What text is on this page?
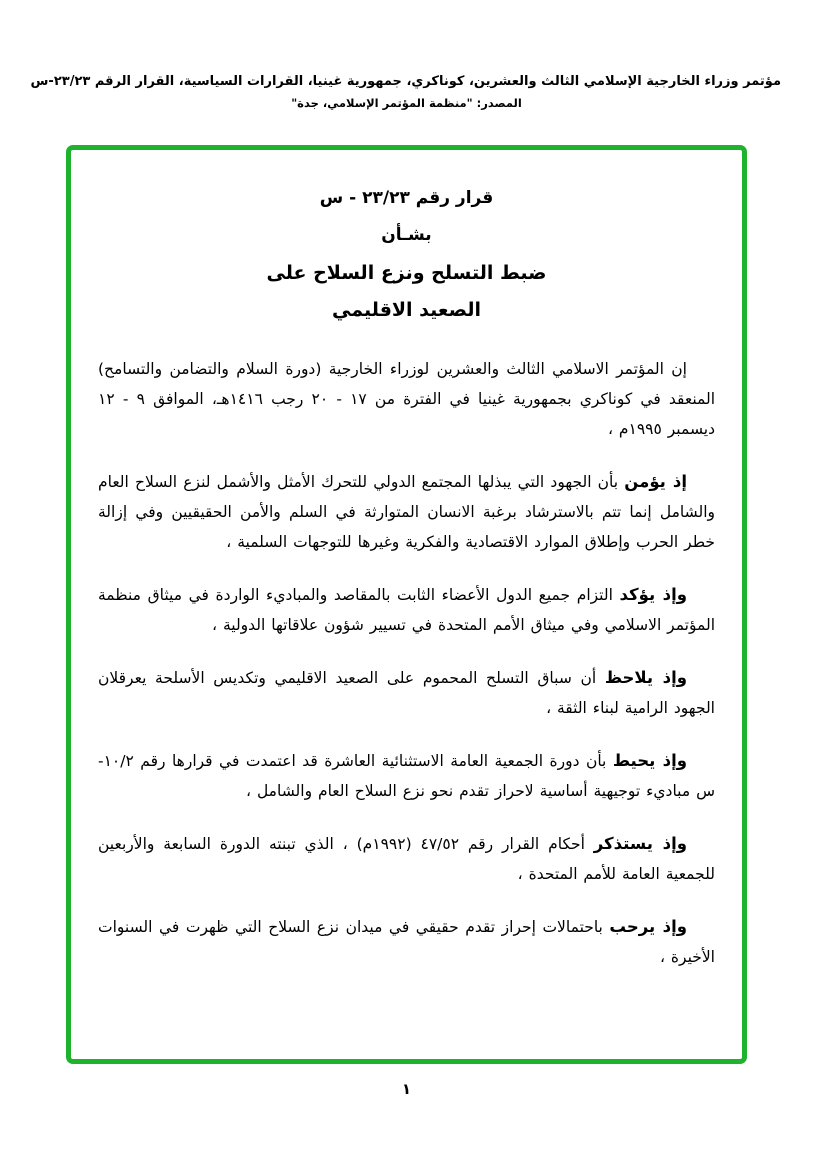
مؤتمر وزراء الخارجية الإسلامي الثالث والعشرين، كوناكري، جمهورية غينيا، القرارات السياسية، القرار الرقم ٢٣/٢٣-س
المصدر: "منظمة المؤتمر الإسلامي، جدة"
قرار رقم ٢٣/٢٣ - س
بشـأن
ضبط التسلح ونزع السلاح على
الصعيد الاقليمي

إن المؤتمر الاسلامي الثالث والعشرين لوزراء الخارجية (دورة السلام والتضامن والتسامح) المنعقد في كوناكري بجمهورية غينيا في الفترة من ١٧ - ٢٠ رجب ١٤١٦هـ، الموافق ٩ - ١٢ ديسمبر ١٩٩٥م ،

إذ يؤمن بأن الجهود التي يبذلها المجتمع الدولي للتحرك الأمثل والأشمل لنزع السلاح العام والشامل إنما تتم بالاسترشاد برغبة الانسان المتوارثة في السلم والأمن الحقيقيين وفي إزالة خطر الحرب وإطلاق الموارد الاقتصادية والفكرية وغيرها للتوجهات السلمية ،

وإذ يؤكد التزام جميع الدول الأعضاء الثابت بالمقاصد والمباديء الواردة في ميثاق منظمة المؤتمر الاسلامي وفي ميثاق الأمم المتحدة في تسيير شؤون علاقاتها الدولية ،

وإذ يلاحظ أن سباق التسلح المحموم على الصعيد الاقليمي وتكديس الأسلحة يعرقلان الجهود الرامية لبناء الثقة ،

وإذ يحيط بأن دورة الجمعية العامة الاستثنائية العاشرة قد اعتمدت في قرارها رقم ١٠/٢-س مباديء توجيهية أساسية لاحراز تقدم نحو نزع السلاح العام والشامل ،

وإذ يستذكر أحكام القرار رقم ٤٧/٥٢ (١٩٩٢م) ، الذي تبنته الدورة السابعة والأربعين للجمعية العامة للأمم المتحدة ،

وإذ يرحب باحتمالات إحراز تقدم حقيقي في ميدان نزع السلاح التي ظهرت في السنوات الأخيرة ،

١
